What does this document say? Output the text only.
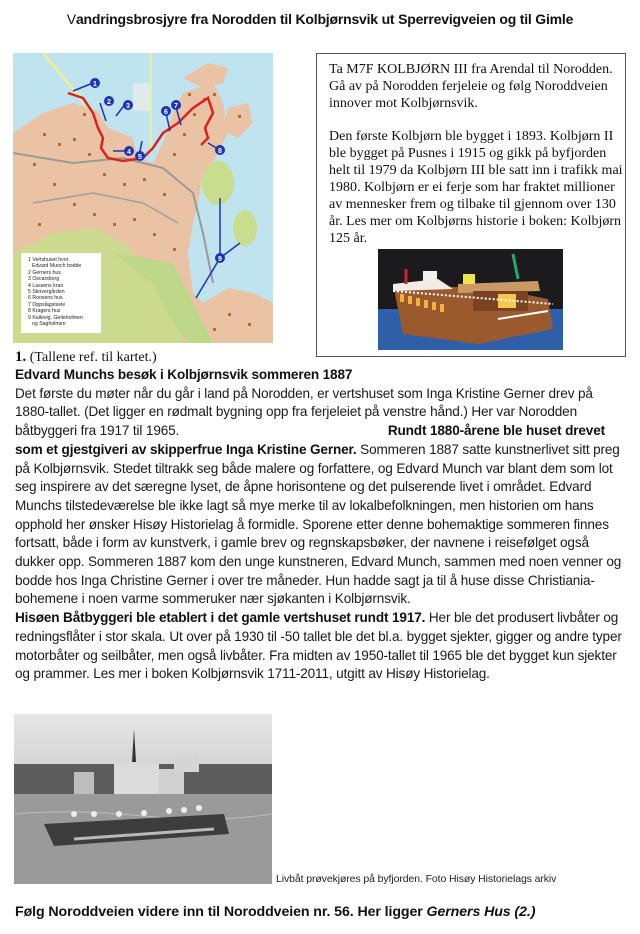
Vandringsbrosjyre fra Norodden til Kolbjørnsvik ut Sperrevigveien og til Gimle
1
2
3
4
5
6
7
8
9
1 Vertshuset hvor
Edvard Munch bodde
2 Gerners hus
3 Oscarsborg
4 Lassens kran
5 Skrivergården
6 Roosens hus
7 Oppslagstavle
8 Kragers hus
9 Kallevig, Geiteholmen
og Sagholmen

Ta M7F KOLBJØRN III fra Arendal til Norodden. Gå av på Norodden ferjeleie og følg Noroddveien innover mot Kolbjørnsvik.

Den første Kolbjørn ble bygget i 1893. Kolbjørn II ble bygget på Pusnes i 1915 og gikk på byfjorden helt til 1979 da Kolbjørn III ble satt inn i trafikk mai 1980. Kolbjørn er ei ferje som har fraktet millioner av mennesker frem og tilbake til gjennom over 130 år. Les mer om Kolbjørns historie i boken: Kolbjørn 125 år.

1. (Tallene ref. til kartet.)
Edvard Munchs besøk i Kolbjørnsvik sommeren 1887
Det første du møter når du går i land på Norodden, er vertshuset som Inga Kristine Gerner drev på 1880-tallet. (Det ligger en rødmalt bygning opp fra ferjeleiet på venstre hånd.) Her var Norodden båtbyggeri fra 1917 til 1965.	Rundt 1880-årene ble huset drevet som et gjestgiveri av skipperfrue Inga Kristine Gerner. Sommeren 1887 satte kunstnerlivet sitt preg på Kolbjørnsvik. Stedet tiltrakk seg både malere og forfattere, og Edvard Munch var blant dem som lot seg inspirere av det særegne lyset, de åpne horisontene og det pulserende livet i området. Edvard Munchs tilstedeværelse ble ikke lagt så mye merke til av lokalbefolkningen, men historien om hans opphold her ønsker Hisøy Historielag å formidle. Sporene etter denne bohemaktige sommeren finnes fortsatt, både i form av kunstverk, i gamle brev og regnskapsbøker, der navnene i reisefølget også dukker opp. Sommeren 1887 kom den unge kunstneren, Edvard Munch, sammen med noen venner og bodde hos Inga Christine Gerner i over tre måneder. Hun hadde sagt ja til å huse disse Christiania-bohemene i noen varme sommeruker nær sjøkanten i Kolbjørnsvik.
Hisøen Båtbyggeri ble etablert i det gamle vertshuset rundt 1917. Her ble det produsert livbåter og redningsflåter i stor skala. Ut over på 1930 til -50 tallet ble det bl.a. bygget sjekter, gigger og andre typer motorbåter og seilbåter, men også livbåter. Fra midten av 1950-tallet til 1965 ble det bygget kun sjekter og prammer. Les mer i boken Kolbjørnsvik 1711-2011, utgitt av Hisøy Historielag.
Livbåt prøvekjøres på byfjorden. Foto Hisøy Historielags arkiv
Følg Noroddveien videre inn til Noroddveien nr. 56. Her ligger Gerners Hus (2.)
